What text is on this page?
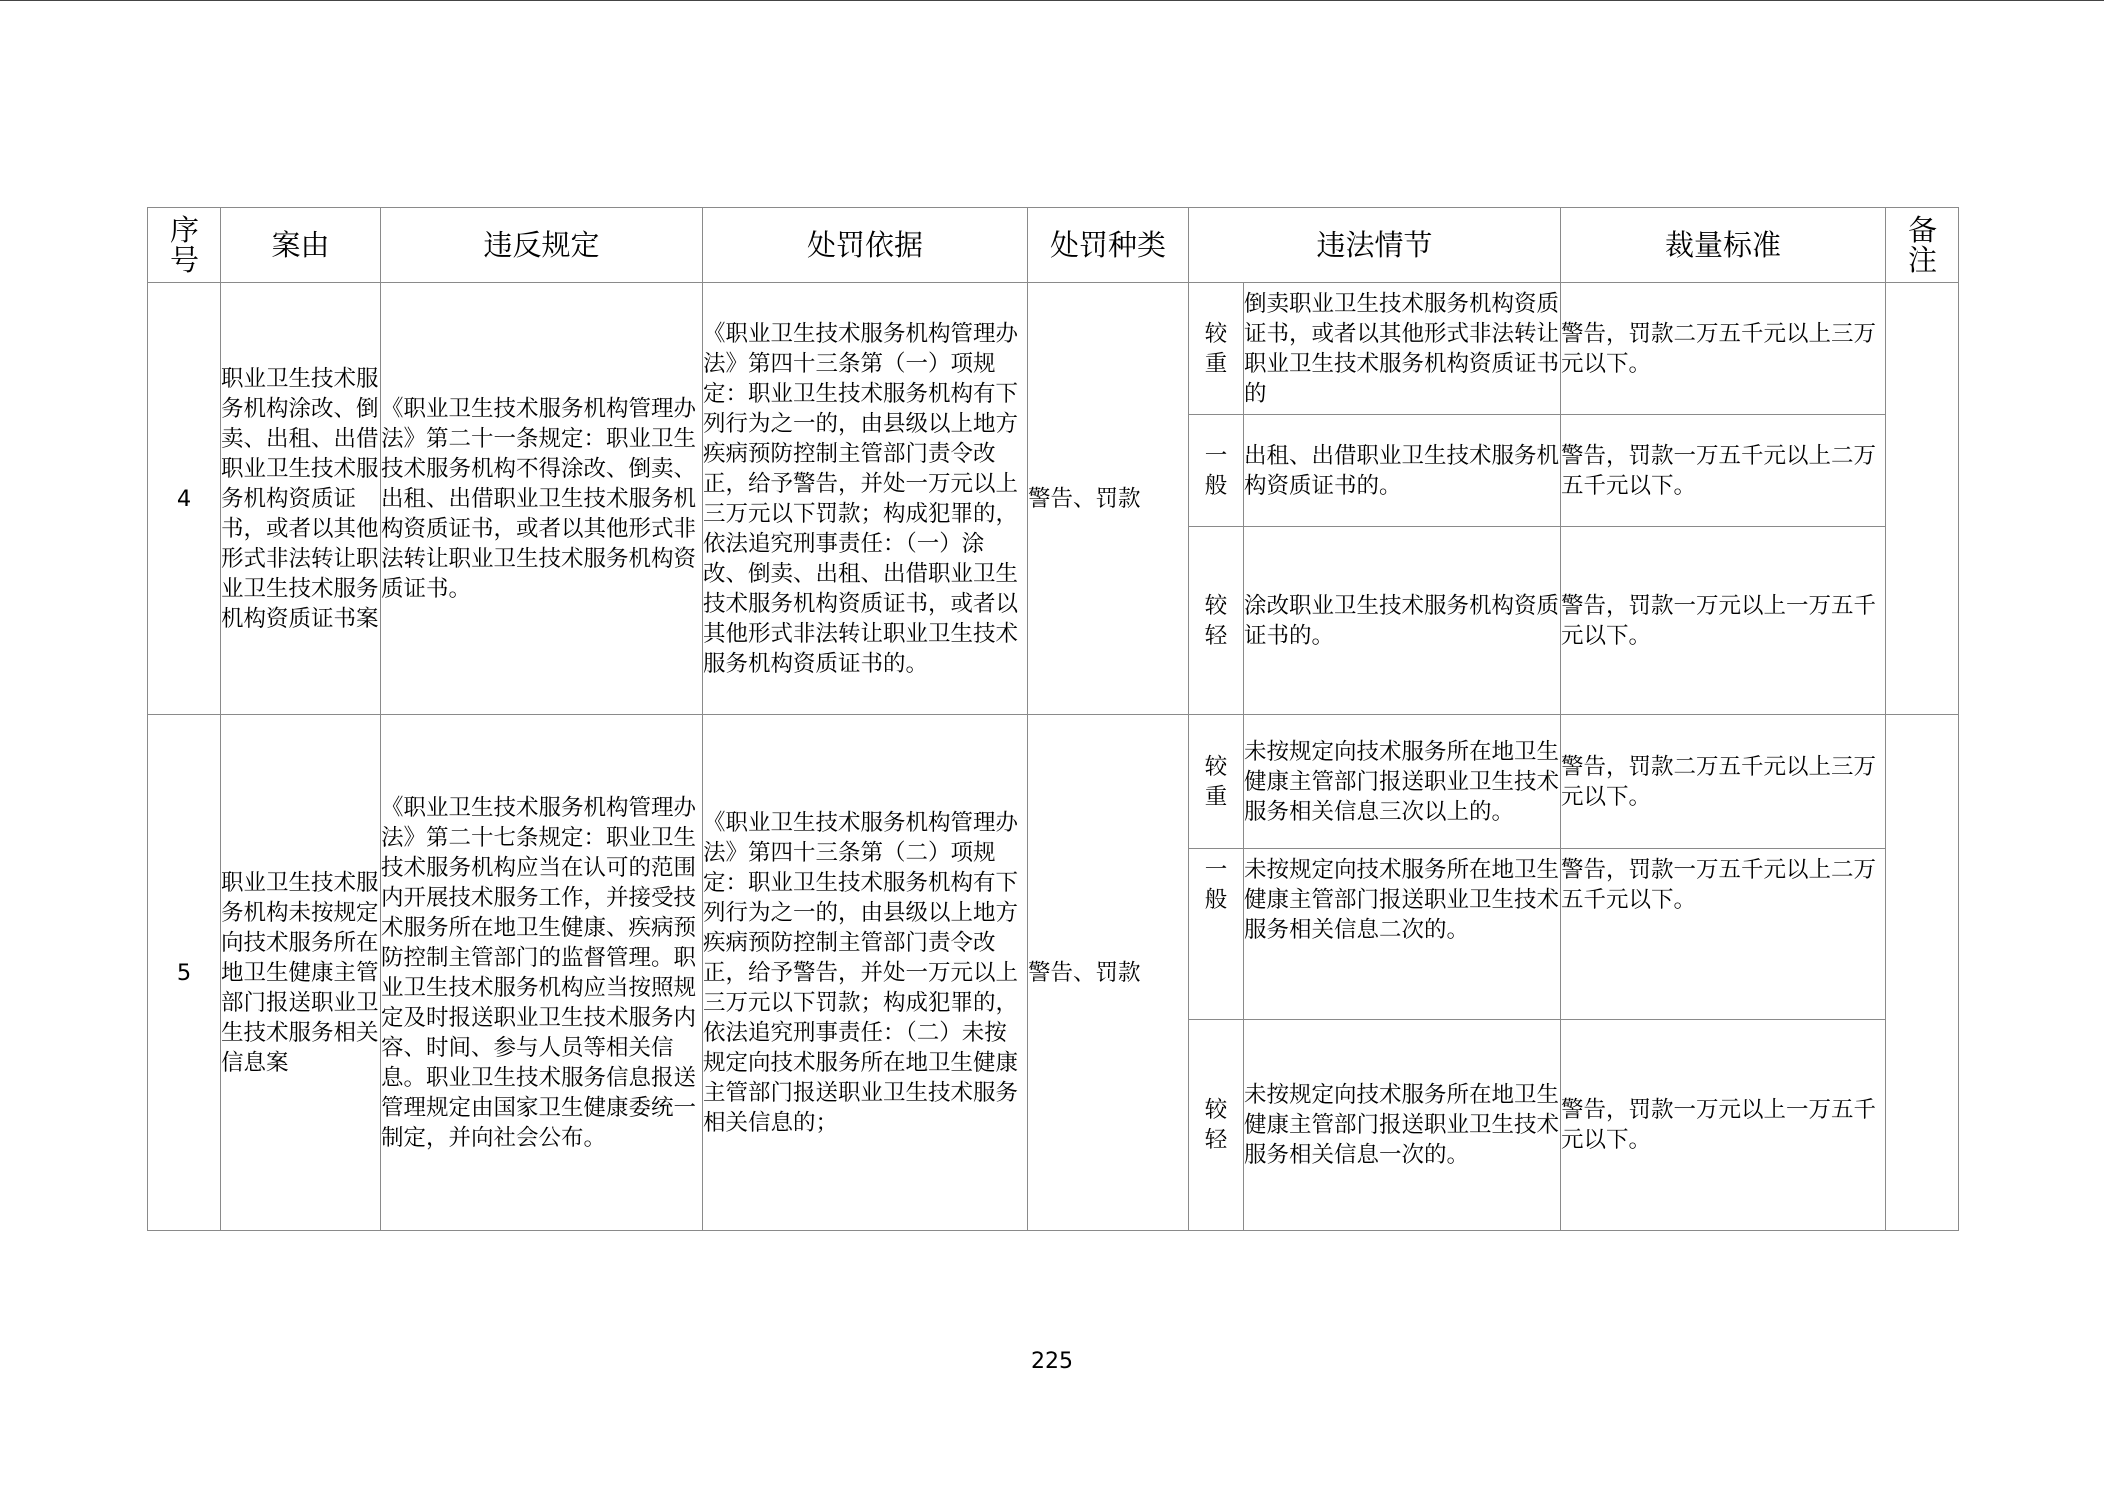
序号	案由	违反规定	处罚依据	处罚种类	违法情节		裁量标准	备注
4	职业卫生技术服务机构涂改、倒卖、出租、出借职业卫生技术服务机构资质证书，或者以其他形式非法转让职业卫生技术服务机构资质证书案	《职业卫生技术服务机构管理办法》第二十一条规定：职业卫生技术服务机构不得涂改、倒卖、出租、出借职业卫生技术服务机构资质证书，或者以其他形式非法转让职业卫生技术服务机构资质证书。	《职业卫生技术服务机构管理办法》第四十三条第（一）项规定：职业卫生技术服务机构有下列行为之一的，由县级以上地方疾病预防控制主管部门责令改正，给予警告，并处一万元以上三万元以下罚款；构成犯罪的，依法追究刑事责任：（一）涂改、倒卖、出租、出借职业卫生技术服务机构资质证书，或者以其他形式非法转让职业卫生技术服务机构资质证书的。	警告、罚款	较重	倒卖职业卫生技术服务机构资质证书，或者以其他形式非法转让职业卫生技术服务机构资质证书的	警告，罚款二万五千元以上三万元以下。	

					一般	出租、出借职业卫生技术服务机构资质证书的。	警告，罚款一万五千元以上二万五千元以下。	

					较轻	涂改职业卫生技术服务机构资质证书的。	警告，罚款一万元以上一万五千元以下。	
5	职业卫生技术服务机构未按规定向技术服务所在地卫生健康主管部门报送职业卫生技术服务相关信息案	《职业卫生技术服务机构管理办法》第二十七条规定：职业卫生技术服务机构应当在认可的范围内开展技术服务工作，并接受技术服务所在地卫生健康、疾病预防控制主管部门的监督管理。职业卫生技术服务机构应当按照规定及时报送职业卫生技术服务内容、时间、参与人员等相关信息。职业卫生技术服务信息报送管理规定由国家卫生健康委统一制定，并向社会公布。	《职业卫生技术服务机构管理办法》第四十三条第（二）项规定：职业卫生技术服务机构有下列行为之一的，由县级以上地方疾病预防控制主管部门责令改正，给予警告，并处一万元以上三万元以下罚款；构成犯罪的，依法追究刑事责任：（二）未按规定向技术服务所在地卫生健康主管部门报送职业卫生技术服务相关信息的；	警告、罚款	较重	未按规定向技术服务所在地卫生健康主管部门报送职业卫生技术服务相关信息三次以上的。	警告，罚款二万五千元以上三万元以下。	

					一般	未按规定向技术服务所在地卫生健康主管部门报送职业卫生技术服务相关信息二次的。	警告，罚款一万五千元以上二万五千元以下。	

					较轻	未按规定向技术服务所在地卫生健康主管部门报送职业卫生技术服务相关信息一次的。	警告，罚款一万元以上一万五千元以下。	
225
